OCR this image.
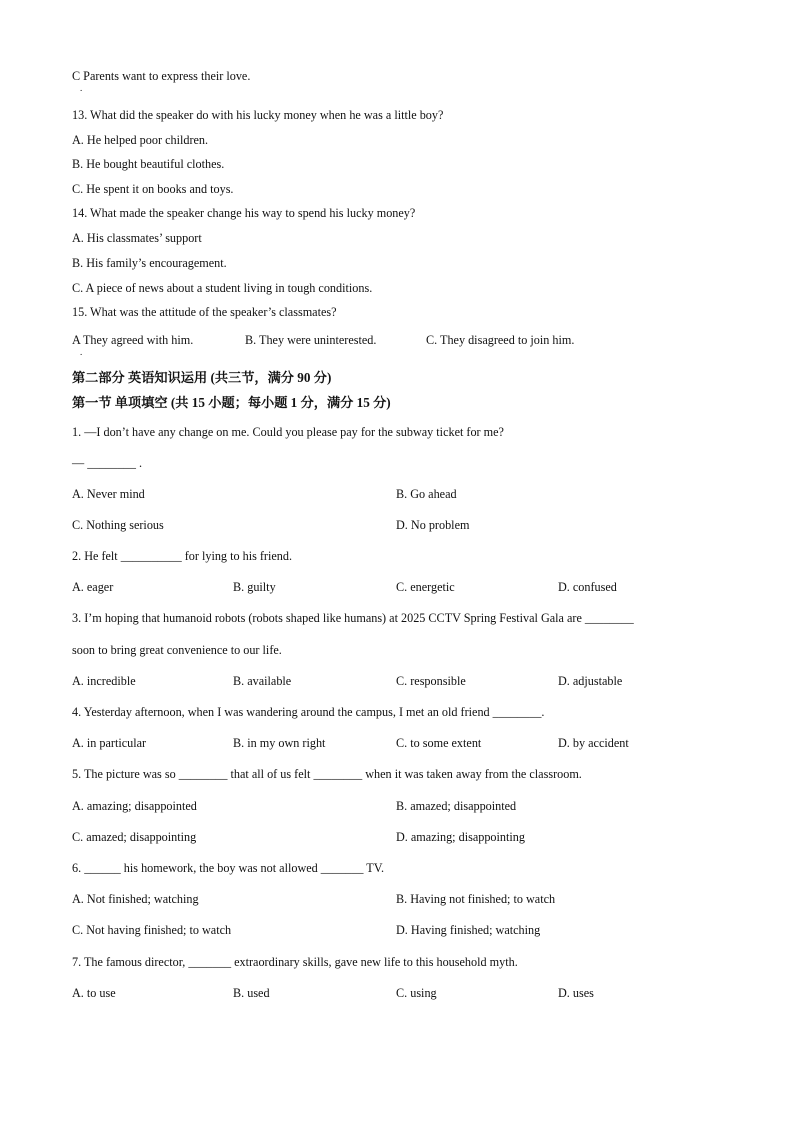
C Parents want to express their love.
.
13. What did the speaker do with his lucky money when he was a little boy?
A. He helped poor children.
B. He bought beautiful clothes.
C. He spent it on books and toys.
14. What made the speaker change his way to spend his lucky money?
A. His classmates’ support
B. His family’s encouragement.
C. A piece of news about a student living in tough conditions.
15. What was the attitude of the speaker’s classmates?
A They agreed with him.
.
B. They were uninterested.	C. They disagreed to join him.
第二部分 英语知识运用 (共三节，满分 90 分)
第一节 单项填空 (共 15 小题；每小题 1 分，满分 15 分)
1. —I don’t have any change on me. Could you please pay for the subway ticket for me?
— ________ .
A. Never mind	B. Go ahead
C. Nothing serious	D. No problem
2. He felt __________ for lying to his friend.
A. eager	B. guilty	C. energetic	D. confused
3. I’m hoping that humanoid robots (robots shaped like humans) at 2025 CCTV Spring Festival Gala are ________
soon to bring great convenience to our life.
A. incredible	B. available	C. responsible	D. adjustable
4. Yesterday afternoon, when I was wandering around the campus, I met an old friend ________.
A. in particular	B. in my own right	C. to some extent	D. by accident
5. The picture was so ________ that all of us felt ________ when it was taken away from the classroom.
A. amazing; disappointed	B. amazed; disappointed
C. amazed; disappointing	D. amazing; disappointing
6. ______ his homework, the boy was not allowed _______ TV.
A. Not finished; watching	B. Having not finished; to watch
C. Not having finished; to watch	D. Having finished; watching
7. The famous director, _______ extraordinary skills, gave new life to this household myth.
A. to use	B. used	C. using	D. uses
